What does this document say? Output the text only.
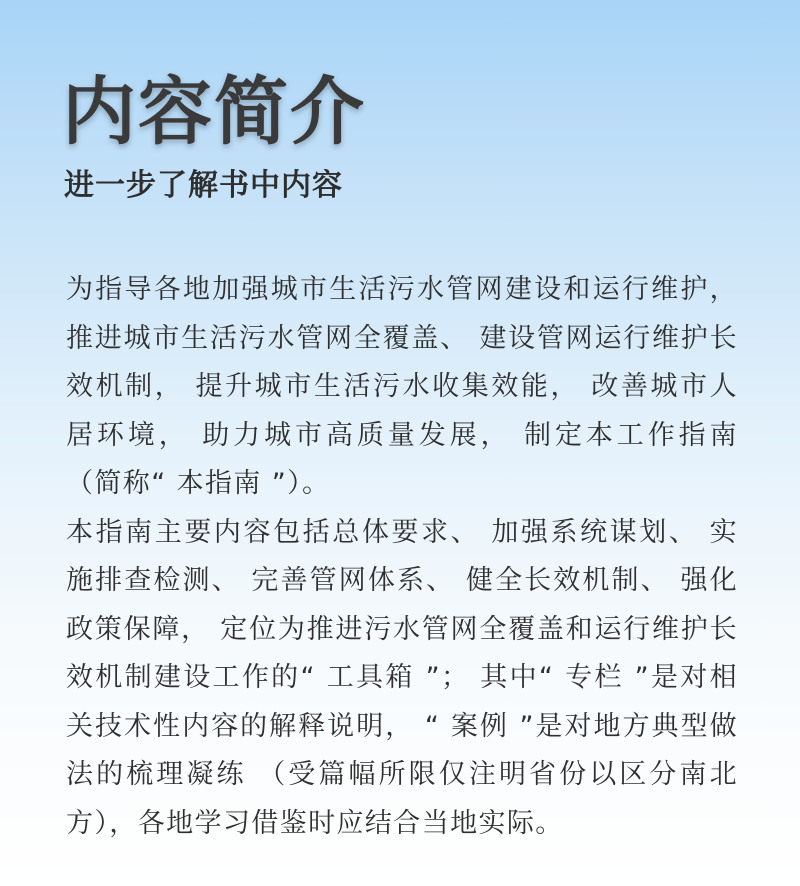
内容简介
进一步了解书中内容

为指导各地加强城市生活污水管网建设和运行维护， 推进城市生活污水管网全覆盖、 建设管网运行维护长效机制， 提升城市生活污水收集效能， 改善城市人居环境， 助力城市高质量发展， 制定本工作指南（简称“ 本指南 ”）。

本指南主要内容包括总体要求、 加强系统谋划、 实施排查检测、 完善管网体系、 健全长效机制、 强化政策保障， 定位为推进污水管网全覆盖和运行维护长效机制建设工作的“ 工具箱 ”； 其中“ 专栏 ”是对相关技术性内容的解释说明， “ 案例 ”是对地方典型做法的梳理凝练 （受篇幅所限仅注明省份以区分南北方），各地学习借鉴时应结合当地实际。
